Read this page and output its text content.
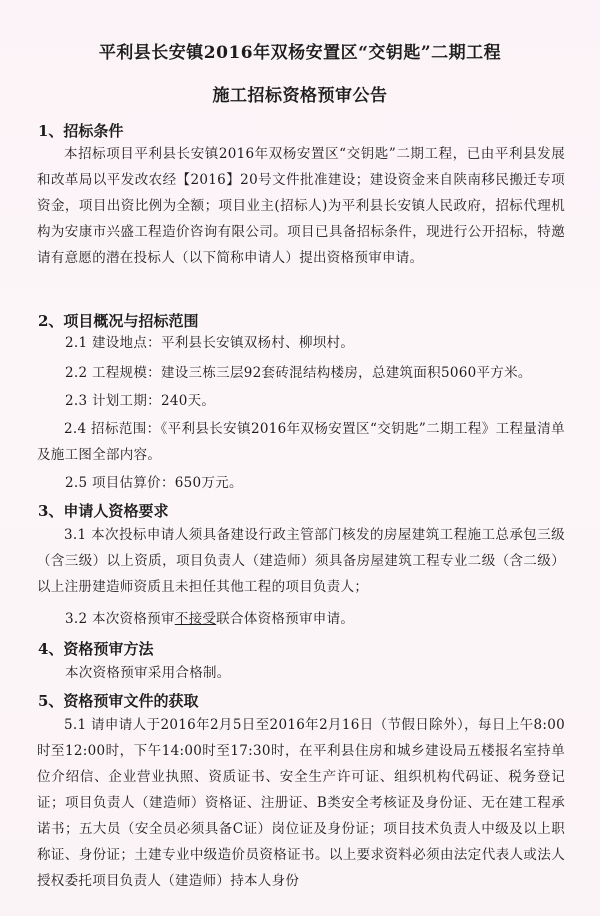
平利县长安镇2016年双杨安置区“交钥匙”二期工程
施工招标资格预审公告
1、招标条件

本招标项目平利县长安镇2016年双杨安置区“交钥匙”二期工程，已由平利县发展和改革局以平发改农经【2016】20号文件批准建设；建设资金来自陕南移民搬迁专项资金，项目出资比例为全额；项目业主(招标人)为平利县长安镇人民政府，招标代理机构为安康市兴盛工程造价咨询有限公司。项目已具备招标条件，现进行公开招标，特邀请有意愿的潜在投标人（以下简称申请人）提出资格预审申请。

2、项目概况与招标范围

2.1 建设地点：平利县长安镇双杨村、柳坝村。

2.2 工程规模：建设三栋三层92套砖混结构楼房，总建筑面积5060平方米。

2.3 计划工期：240天。

2.4 招标范围：《平利县长安镇2016年双杨安置区“交钥匙”二期工程》工程量清单及施工图全部内容。

2.5 项目估算价：650万元。

3、申请人资格要求

3.1 本次投标申请人须具备建设行政主管部门核发的房屋建筑工程施工总承包三级（含三级）以上资质，项目负责人（建造师）须具备房屋建筑工程专业二级（含二级）以上注册建造师资质且未担任其他工程的项目负责人；

3.2 本次资格预审不接受联合体资格预审申请。

4、资格预审方法

本次资格预审采用合格制。

5、资格预审文件的获取

5.1 请申请人于2016年2月5日至2016年2月16日（节假日除外），每日上午8:00时至12:00时，下午14:00时至17:30时，在平利县住房和城乡建设局五楼报名室持单位介绍信、企业营业执照、资质证书、安全生产许可证、组织机构代码证、税务登记证；项目负责人（建造师）资格证、注册证、B类安全考核证及身份证、无在建工程承诺书；五大员（安全员必须具备C证）岗位证及身份证；项目技术负责人中级及以上职称证、身份证；土建专业中级造价员资格证书。以上要求资料必须由法定代表人或法人授权委托项目负责人（建造师）持本人身份
